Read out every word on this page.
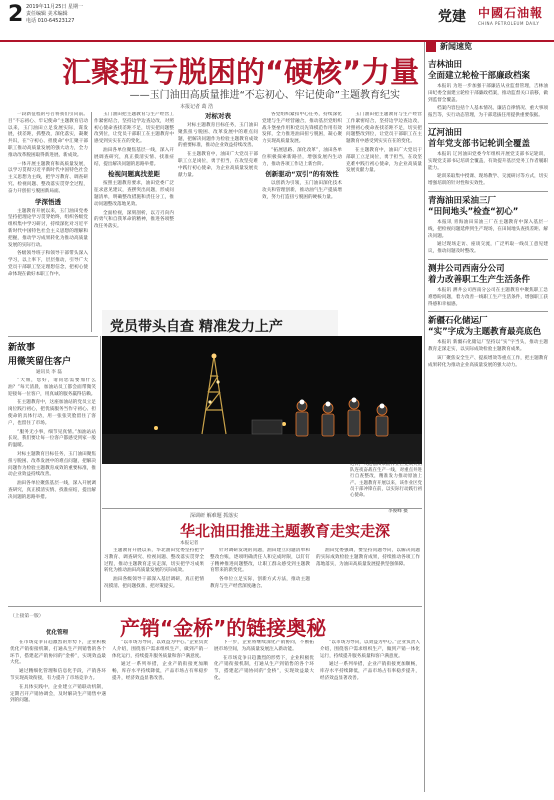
2 2019年11月25日 星期一
责任编辑 美术编辑
电话 010-64523127	党建 中國石油報
CHINA PETROLEUM DAILY
汇聚扭亏脱困的“硬核”力量
——玉门油田高质量推进“不忘初心、牢记使命”主题教育纪实
本报记者 葛 浩

一段新征程的号召将我们引向前。目“不忘初心、牢记使命”主题教育启动以来，玉门油田立足发展实际，谋发展，找差距，抓整改，深化落实，凝聚共识，在“守初心、担使命”中汇聚干部职工推动高质量发展的强大动力，全力推动改革脱困取得新进展、新成效。

一体开展主题教育和高质量发展，以学习贯彻习近平新时代中国特色社会主义思想为主线，把学习教育、调查研究、检视问题、整改落实贯穿全过程，奋力开创扭亏脱困新局面。

学深悟透

主题教育开展以来，玉门油田党委坚持把理论学习贯穿始终，组织各级党组织集中学习研讨，持续深化对习近平新时代中国特色社会主义思想的理解和把握，推动学习成果转化为推动高质量发展的实际行动。

各级领导班子和领导干部带头深入学习，以上率下，层层推动，引导广大党员干部职工坚定理想信念，把初心使命体现在做好本职工作中。

玉门油田把主题教育与生产经营工作紧密结合，坚持边学边查边改，对照初心使命查找差距不足，切实把问题整改到位，让党员干部职工在主题教育中感受到实实在在的变化。

油田各单位聚焦基层一线，深入开展调查研究，真正摸清实情、找准症结，提出解决问题的思路举措。

检视问题真找差距

按照主题教育要求，油田党委广泛征求意见建议，查摆突出问题，形成问题清单，明确整改措施和责任分工，推动问题整改落地见效。

全面检视，深刻剖析，以刀刃向内的勇气和自我革命的精神，推进各项整改任务落实。

对标对表

对标主题教育目标任务，玉门油田聚焦扭亏脱困、改革发展中的难点问题，把解决问题作为检验主题教育成效的重要标准，推动企业效益持续改善。

在主题教育中，油田广大党员干部职工立足岗位，勇于担当，在攻坚克难中践行初心使命，为企业高质量发展贡献力量。

各党组织紧扣中心任务，持续深化党建与生产经营融合，推动基层党组织战斗堡垒作用和党员先锋模范作用有效发挥，全力推进油田扭亏脱困，凝心聚力实现高质量发展。

“拓展思路、深化改革”，油田各单位积极探索新路径，增强发展内生动力，推动各项工作迈上新台阶。

创新驱动“双引”的有效性

以创新为引领，玉门油田深化技术攻关和管理创新，推动油气生产提质增效，努力打造扭亏脱困的硬核力量。

玉门油田把主题教育与生产经营工作紧密结合，坚持边学边查边改，对照初心使命查找差距不足，切实把问题整改到位，让党员干部职工在主题教育中感受到实实在在的变化。

在主题教育中，油田广大党员干部职工立足岗位，勇于担当，在攻坚克难中践行初心使命，为企业高质量发展贡献力量。

新闻速览
吉林油田
全面建立轮检干部廉政档案

本报讯 为进一步加强干部廉洁从业监督管理，吉林油田纪委全面建立轮检干部廉政档案，推动监督关口前移，做到监督全覆盖。

档案内容包括个人基本情况、廉洁自律情况、重大事项报告等，实行动态管理，为干部选拔任用提供重要依据。

辽河油田
首年党支部书记轮训全覆盖

本报讯 辽河油田党委今年组织开展党支部书记轮训，实现党支部书记培训全覆盖，有效提升基层党务工作者履职能力。

轮训采取集中授课、现场教学、交流研讨等方式，切实增强培训的针对性和实效性。

青海油田采油三厂
“田间地头”检查“初心”

本报讯 青海油田采油三厂在主题教育中深入基层一线，把检视问题延伸到生产现场，在田间地头查找差距、解决问题。

通过现场走访、座谈交流，广泛听取一线员工意见建议，推动问题及时整改。

测井公司西南分公司
着力改善职工生产生活条件

本报讯 测井公司西南分公司在主题教育中聚焦职工急难愁盼问题，着力改善一线职工生产生活条件，增强职工获得感和幸福感。

新疆石化储运厂
“实”字成为主题教育最亮底色

本报讯 新疆石化储运厂坚持以“实”字当头，推动主题教育走深走实，以实际成效检验主题教育成果。

该厂聚焦安全生产、提质增效等重点工作，把主题教育成果转化为推动企业高质量发展的强大动力。

新故事
用微笑留住客户
通讯员 李 磊

“大姐，您好，请问您需要加什么油？”每天清晨，加油站员工都会面带微笑迎接每一位客户，用真诚的服务赢得信赖。

在主题教育中，这座加油站的党员立足岗位践行初心，把优质服务当作守初心、担使命的具体行动，用一张张笑脸留住了客户，也留住了市场。

“服务无小事，细节见真情。”加油站站长说，我们要让每一位客户都感受到家一般的温暖。

对标主题教育目标任务，玉门油田聚焦扭亏脱困、改革发展中的难点问题，把解决问题作为检验主题教育成效的重要标准，推动企业效益持续改善。

油田各单位聚焦基层一线，深入开展调查研究，真正摸清实情、找准症结，提出解决问题的思路举措。

党员带头自查 精准发力上产
近日，大港油田采油作业区党员突击队连夜奋战在生产一线，对重点井进行自查整改，精准发力推动原油上产。主题教育开展以来，该作业区党员干部冲锋在前，以实际行动践行初心使命。
李俊峰 摄
深调研 解难题 抓落实
华北油田推进主题教育走实走深
本报记者

主题教育开展以来，华北油田党委坚持把学习教育、调查研究、检视问题、整改落实贯穿全过程，推动主题教育走实走深，切实把学习成果转化为推动油田高质量发展的实际成效。

油田各级领导干部深入基层调研，真正把情况摸清、把问题找准、把对策提实。

针对调研发现的问题，油田建立问题清单和整改台账，逐项明确责任人和完成时限，以钉钉子精神推进问题整改，让职工群众感受到主题教育带来的新变化。

各单位立足实际，创新方式方法，推动主题教育与生产经营深度融合。

油田党委强调，要坚持问题导向，以解决问题的实际成效检验主题教育成果，持续推动各项工作落地落实，为油田高质量发展提供坚强保障。

（上接第一版）
优化管理	产销“金桥”的链接奥秘

在市场竞争日趋激烈的形势下，企业积极优化产销衔接机制，打通从生产到销售的各个环节，搭建起产销协同的“金桥”，实现效益最大化。

通过精细化管理和信息化手段，产销各环节实现高效衔接，有力提升了市场竞争力。

在具体实践中，企业建立产销联动机制，定期召开产销协调会，及时解决生产销售中遇到的问题。

“以市场为导向，以效益为中心。”企业负责人介绍，围绕客户需求组织生产，做到产销一体化运行，持续提升服务质量和客户满意度。

通过一系列举措，企业产销衔接更加顺畅，库存水平持续降低，产品市场占有率稳步提升，经济效益显著改善。

下一步，企业将继续深化产销协同，不断拓展市场空间，为高质量发展注入新动能。

在市场竞争日趋激烈的形势下，企业积极优化产销衔接机制，打通从生产到销售的各个环节，搭建起产销协同的“金桥”，实现效益最大化。

“以市场为导向，以效益为中心。”企业负责人介绍，围绕客户需求组织生产，做到产销一体化运行，持续提升服务质量和客户满意度。

通过一系列举措，企业产销衔接更加顺畅，库存水平持续降低，产品市场占有率稳步提升，经济效益显著改善。
